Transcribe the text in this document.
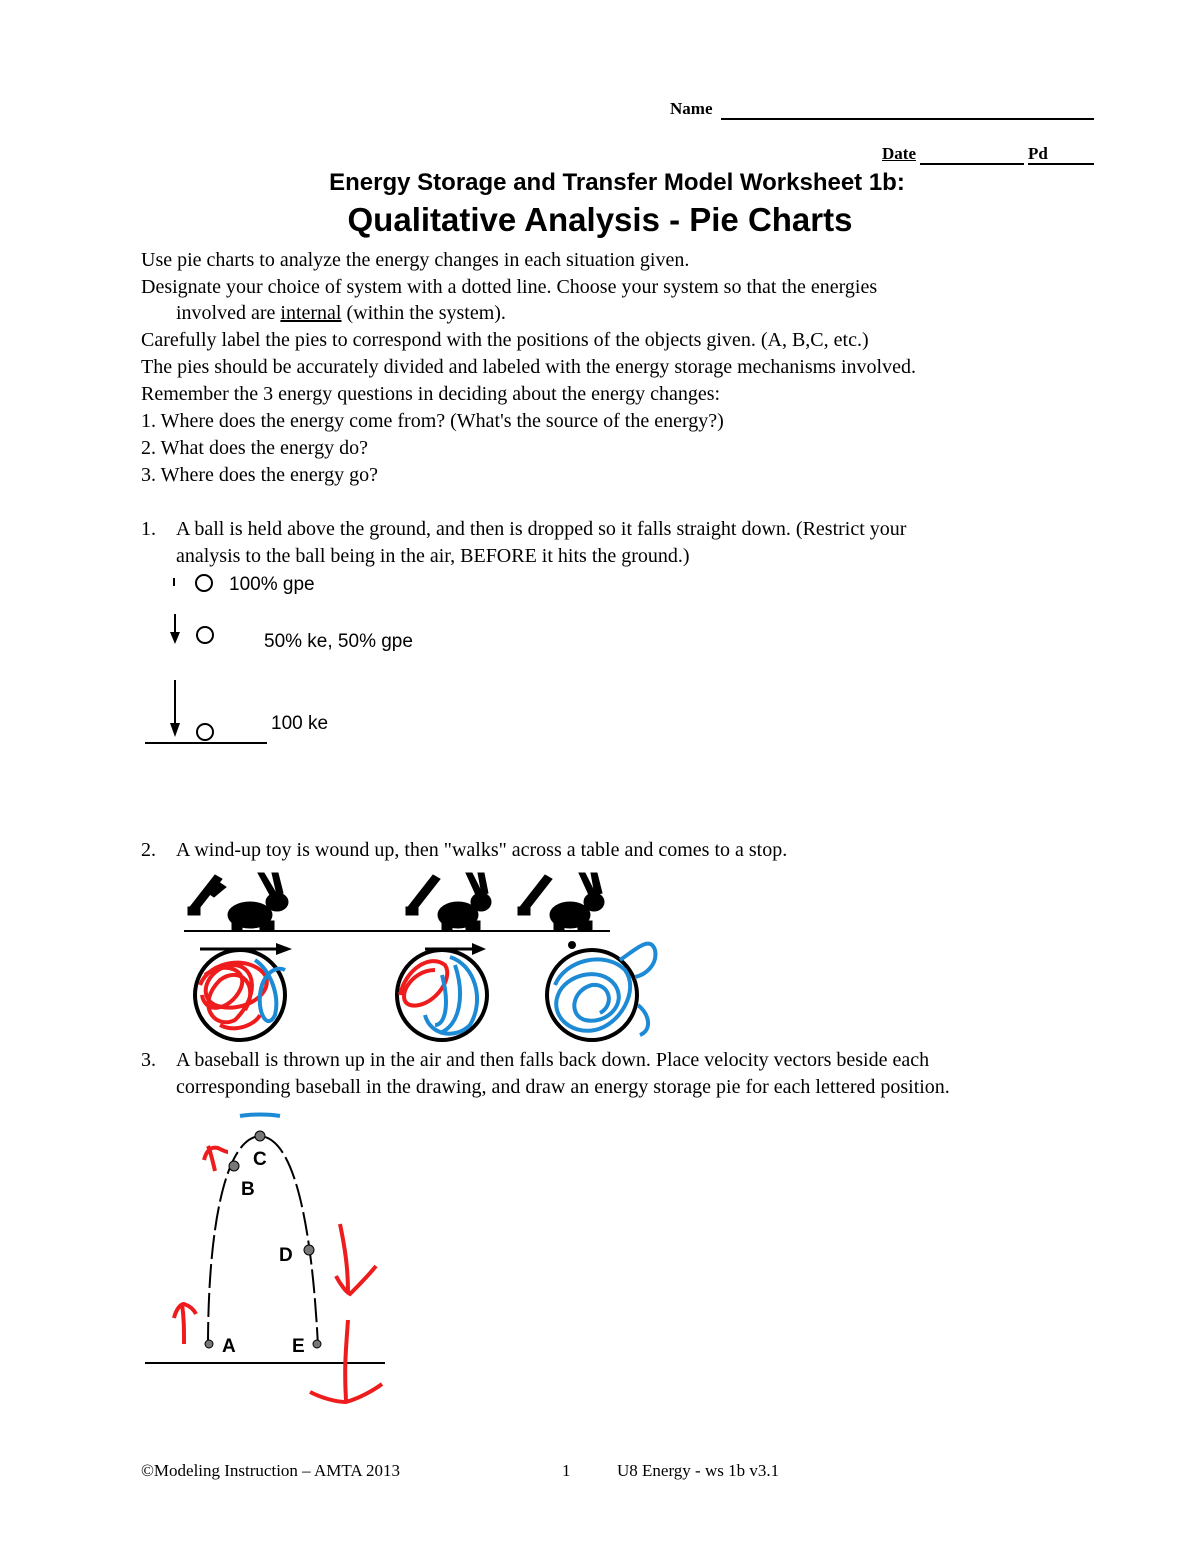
Name
Date	Pd
Energy Storage and Transfer Model Worksheet 1b:
Qualitative Analysis - Pie Charts
Use pie charts to analyze the energy changes in each situation given.
Designate your choice of system with a dotted line. Choose your system so that the energies
involved are internal (within the system).
Carefully label the pies to correspond with the positions of the objects given. (A, B,C, etc.)
The pies should be accurately divided and labeled with the energy storage mechanisms involved.
Remember the 3 energy questions in deciding about the energy changes:
1. Where does the energy come from? (What's the source of the energy?)
2. What does the energy do?
3. Where does the energy go?
1. A ball is held above the ground, and then is dropped so it falls straight down. (Restrict your
analysis to the ball being in the air, BEFORE it hits the ground.)
100% gpe
50% ke, 50% gpe
100 ke
2. A wind-up toy is wound up, then "walks" across a table and comes to a stop.
3. A baseball is thrown up in the air and then falls back down. Place velocity vectors beside each
corresponding baseball in the drawing, and draw an energy storage pie for each lettered position.
A
B
C
D
E
©Modeling Instruction – AMTA 2013	1	U8 Energy - ws 1b v3.1
